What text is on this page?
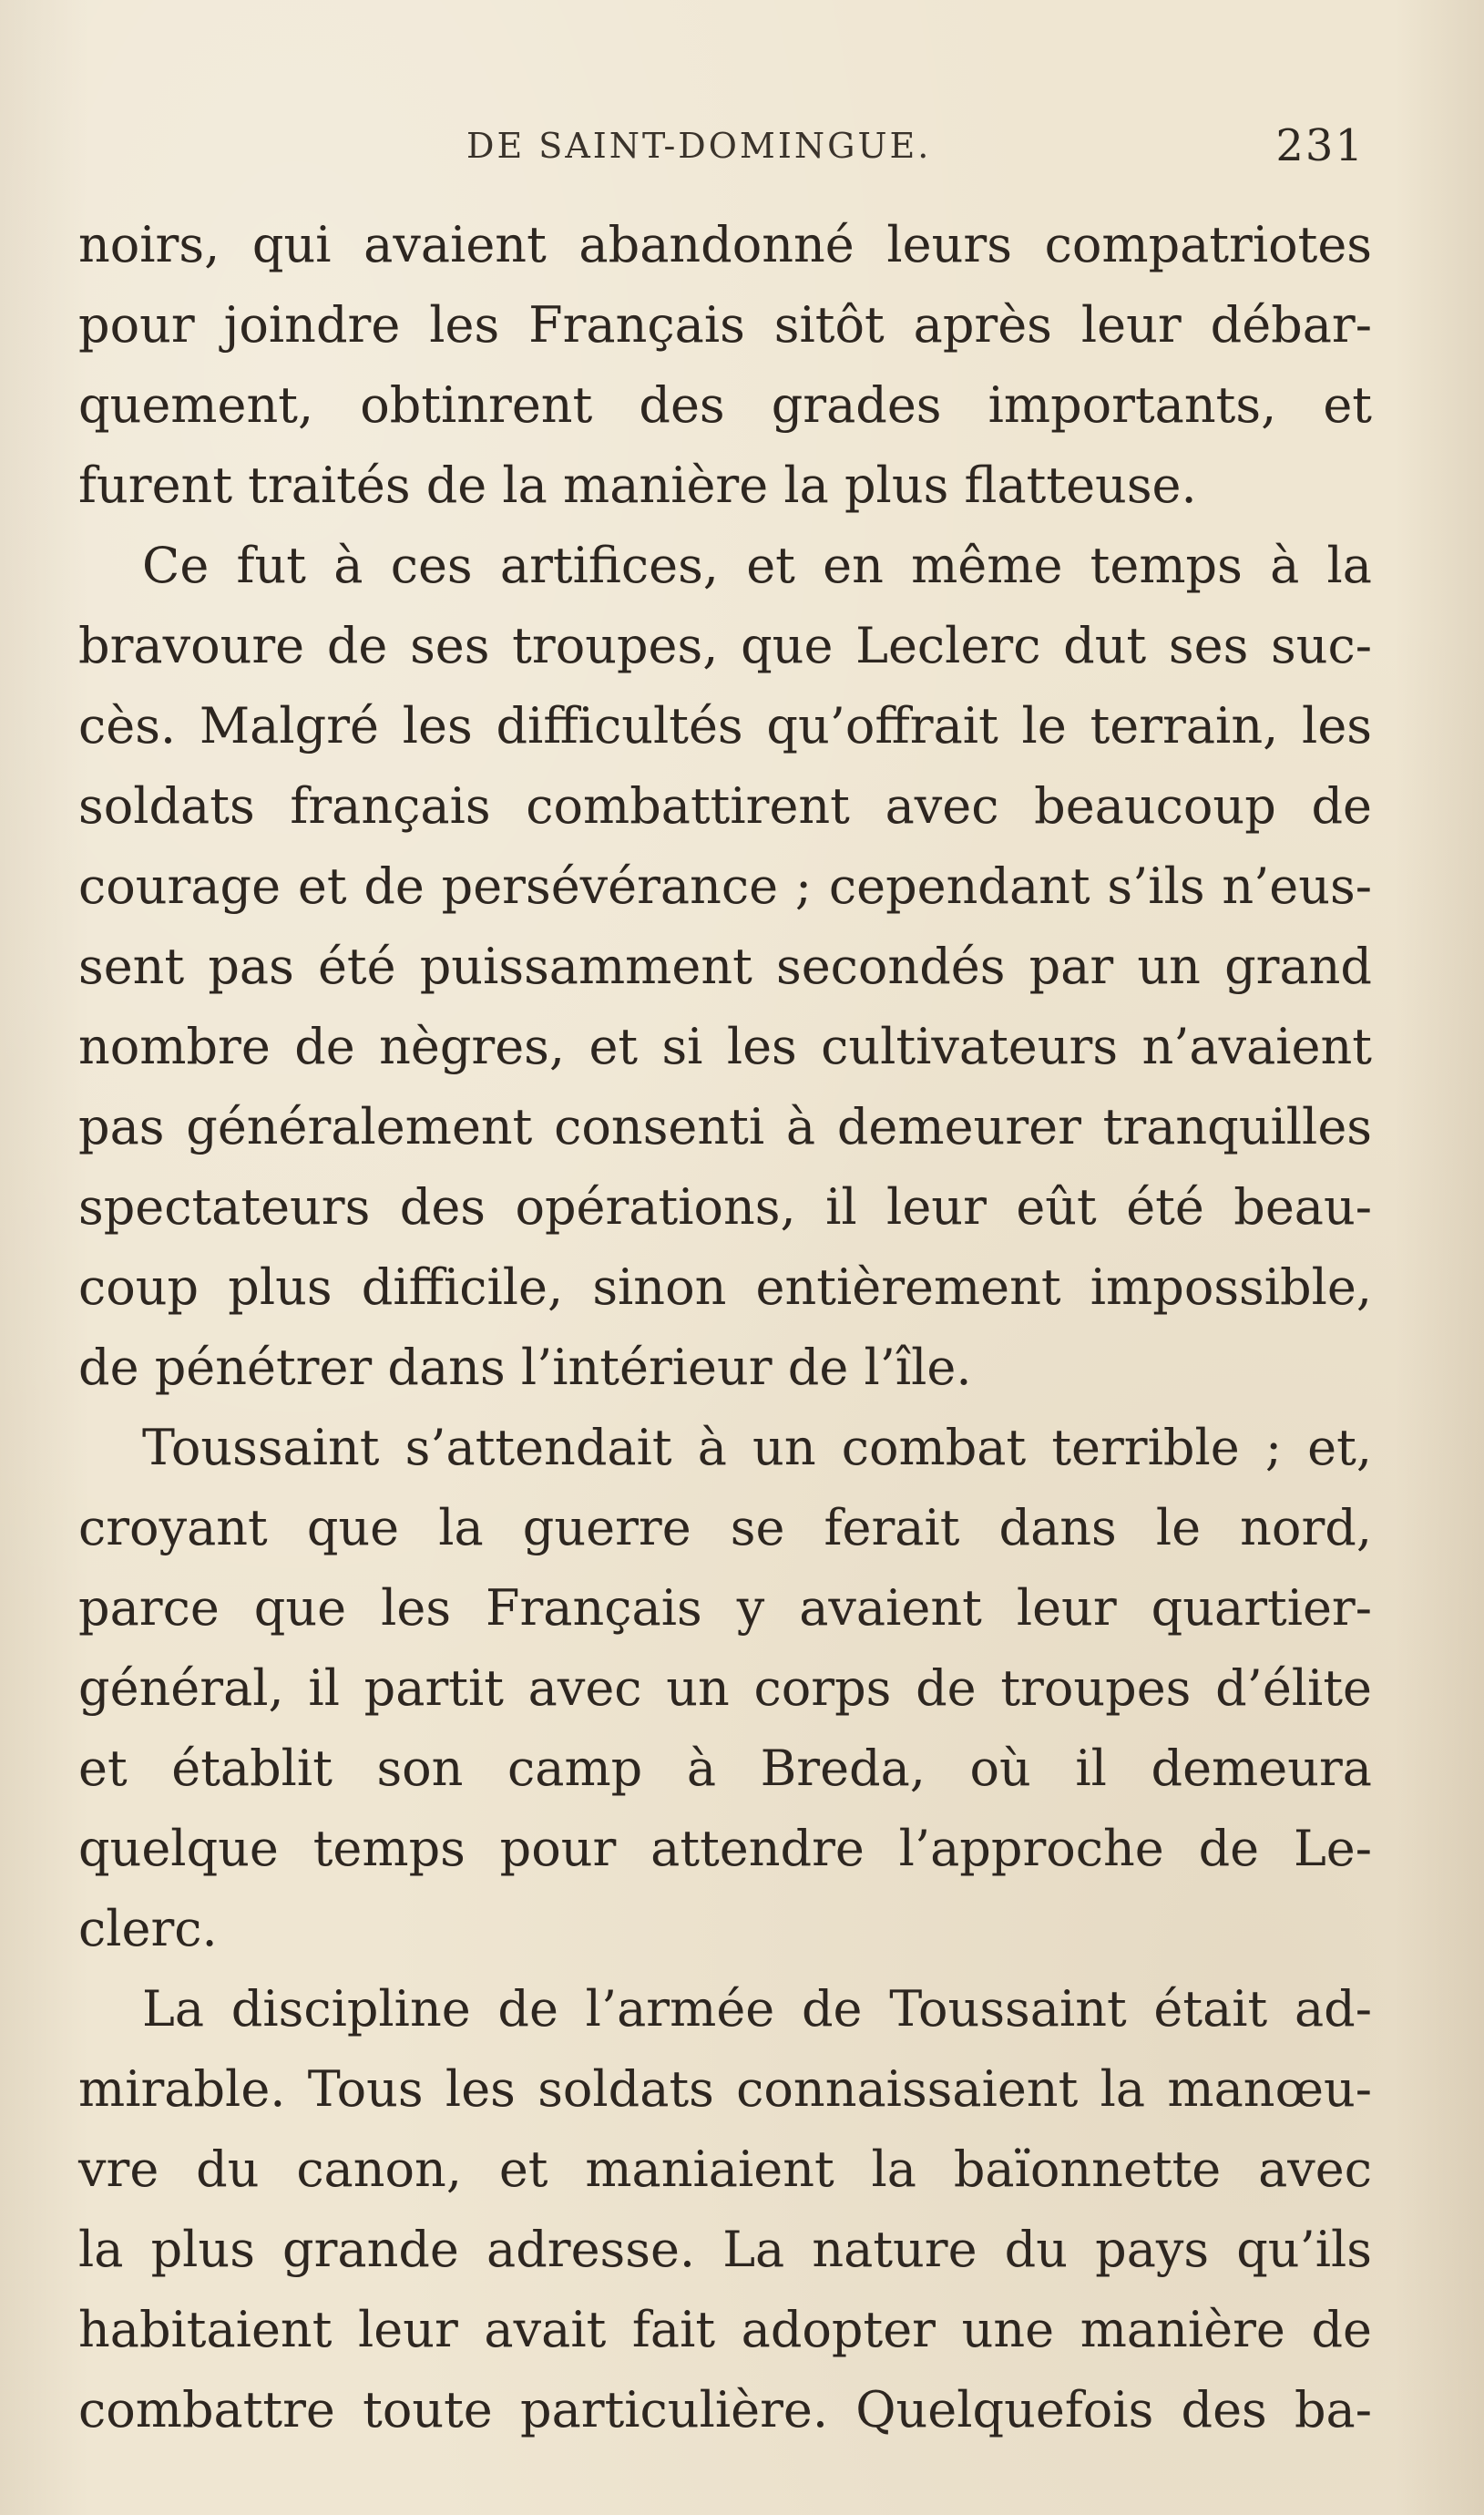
DE SAINT-DOMINGUE.	231
noirs, qui avaient abandonné leurs compatriotes
pour joindre les Français sitôt après leur débar-
quement, obtinrent des grades importants, et
furent traités de la manière la plus flatteuse.
Ce fut à ces artifices, et en même temps à la
bravoure de ses troupes, que Leclerc dut ses suc-
cès. Malgré les difficultés qu’offrait le terrain, les
soldats français combattirent avec beaucoup de
courage et de persévérance ; cependant s’ils n’eus-
sent pas été puissamment secondés par un grand
nombre de nègres, et si les cultivateurs n’avaient
pas généralement consenti à demeurer tranquilles
spectateurs des opérations, il leur eût été beau-
coup plus difficile, sinon entièrement impossible,
de pénétrer dans l’intérieur de l’île.
Toussaint s’attendait à un combat terrible ; et,
croyant que la guerre se ferait dans le nord,
parce que les Français y avaient leur quartier-
général, il partit avec un corps de troupes d’élite
et établit son camp à Breda, où il demeura
quelque temps pour attendre l’approche de Le-
clerc.
La discipline de l’armée de Toussaint était ad-
mirable. Tous les soldats connaissaient la manœu-
vre du canon, et maniaient la baïonnette avec
la plus grande adresse. La nature du pays qu’ils
habitaient leur avait fait adopter une manière de
combattre toute particulière. Quelquefois des ba-
